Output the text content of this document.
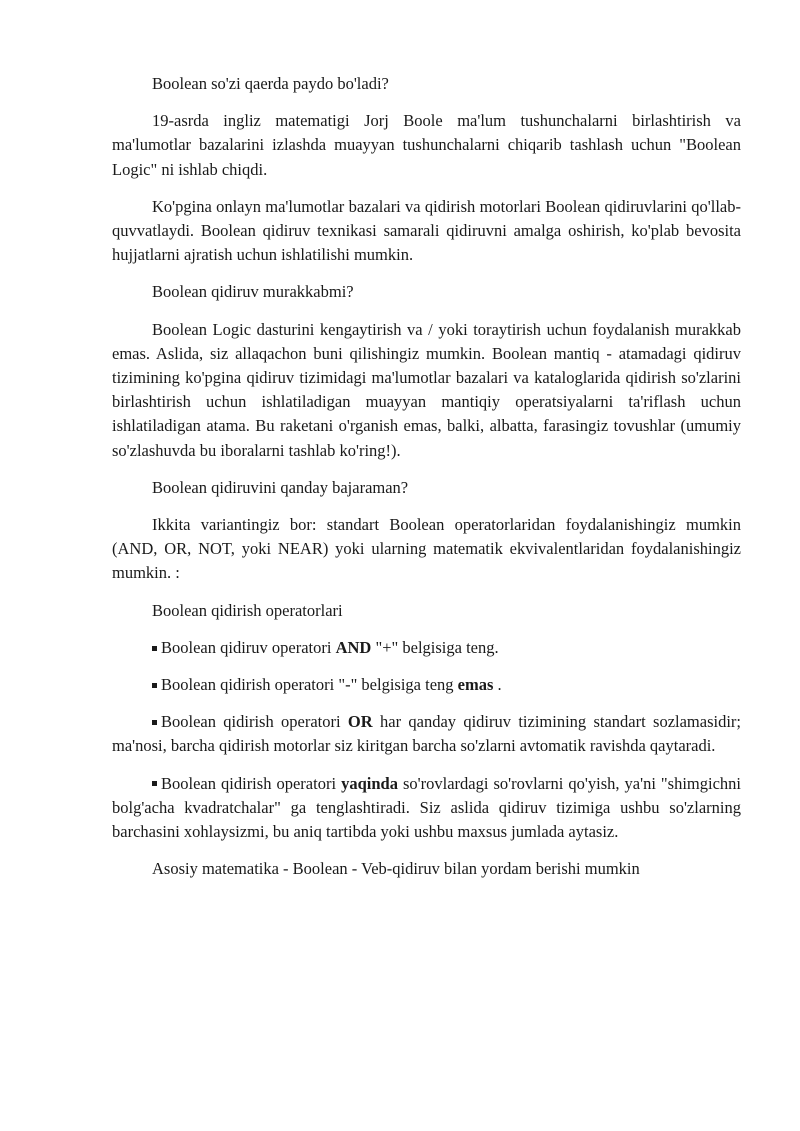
Boolean so'zi qaerda paydo bo'ladi?

19-asrda ingliz matematigi Jorj Boole ma'lum tushunchalarni birlashtirish va ma'lumotlar bazalarini izlashda muayyan tushunchalarni chiqarib tashlash uchun "Boolean Logic" ni ishlab chiqdi.

Ko'pgina onlayn ma'lumotlar bazalari va qidirish motorlari Boolean qidiruvlarini qo'llab-quvvatlaydi. Boolean qidiruv texnikasi samarali qidiruvni amalga oshirish, ko'plab bevosita hujjatlarni ajratish uchun ishlatilishi mumkin.

Boolean qidiruv murakkabmi?

Boolean Logic dasturini kengaytirish va / yoki toraytirish uchun foydalanish murakkab emas. Aslida, siz allaqachon buni qilishingiz mumkin. Boolean mantiq - atamadagi qidiruv tizimining ko'pgina qidiruv tizimidagi ma'lumotlar bazalari va kataloglarida qidirish so'zlarini birlashtirish uchun ishlatiladigan muayyan mantiqiy operatsiyalarni ta'riflash uchun ishlatiladigan atama. Bu raketani o'rganish emas, balki, albatta, farasingiz tovushlar (umumiy so'zlashuvda bu iboralarni tashlab ko'ring!).

Boolean qidiruvini qanday bajaraman?

Ikkita variantingiz bor: standart Boolean operatorlaridan foydalanishingiz mumkin (AND, OR, NOT, yoki NEAR) yoki ularning matematik ekvivalentlaridan foydalanishingiz mumkin. :

Boolean qidirish operatorlari

Boolean qidiruv operatori AND "+" belgisiga teng.

Boolean qidirish operatori "-" belgisiga teng emas .

Boolean qidirish operatori OR har qanday qidiruv tizimining standart sozlamasidir; ma'nosi, barcha qidirish motorlar siz kiritgan barcha so'zlarni avtomatik ravishda qaytaradi.

Boolean qidirish operatori yaqinda so'rovlardagi so'rovlarni qo'yish, ya'ni "shimgichni bolg'acha kvadratchalar" ga tenglashtiradi. Siz aslida qidiruv tizimiga ushbu so'zlarning barchasini xohlaysizmi, bu aniq tartibda yoki ushbu maxsus jumlada aytasiz.

Asosiy matematika - Boolean - Veb-qidiruv bilan yordam berishi mumkin
